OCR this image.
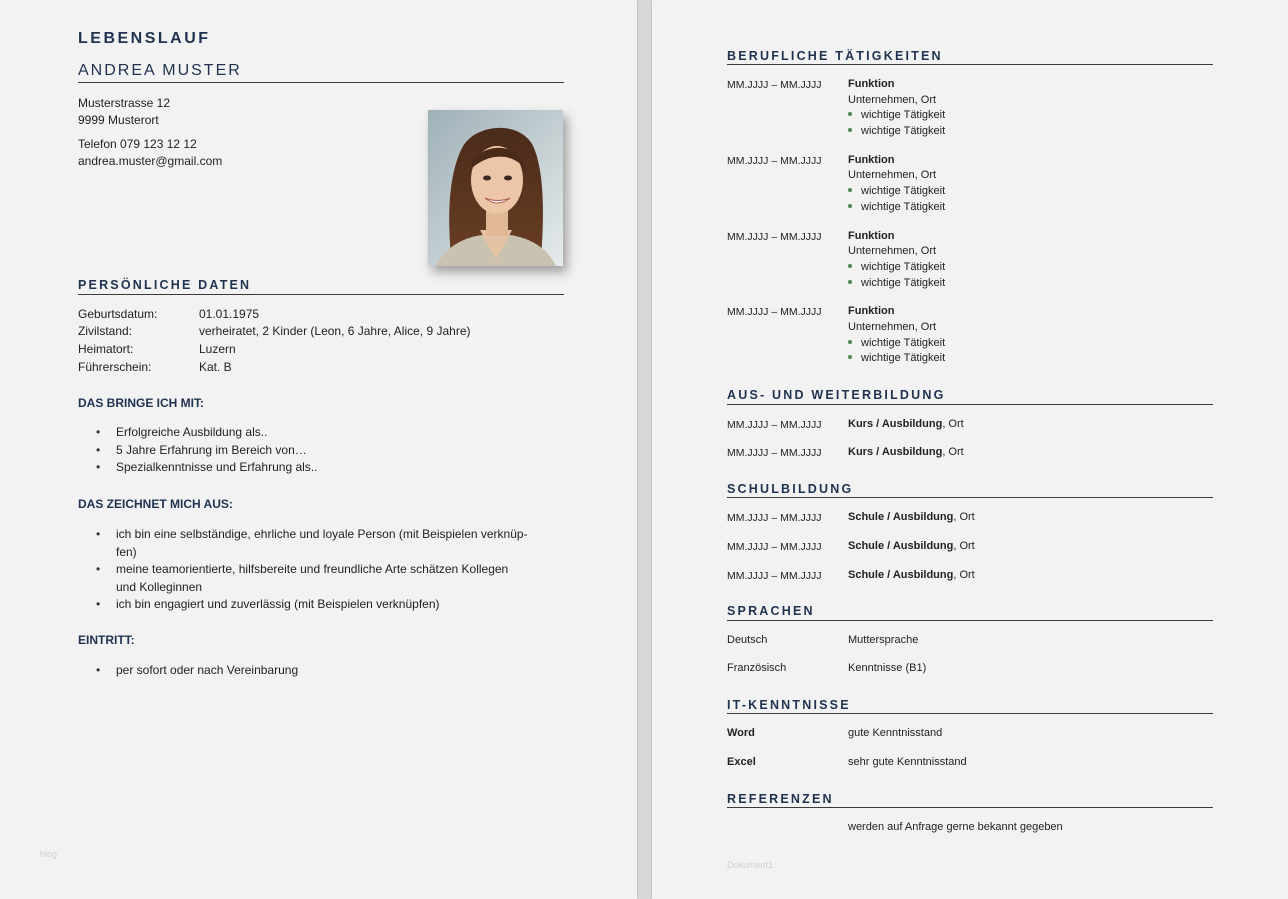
LEBENSLAUF
ANDREA MUSTER
Musterstrasse 12
9999 Musterort
Telefon 079 123 12 12
andrea.muster@gmail.com
PERSÖNLICHE DATEN
Geburtsdatum:	01.01.1975
Zivilstand:	verheiratet, 2 Kinder (Leon, 6 Jahre, Alice, 9 Jahre)
Heimatort:	Luzern
Führerschein:	Kat. B
DAS BRINGE ICH MIT:
• Erfolgreiche Ausbildung als..
• 5 Jahre Erfahrung im Bereich von…
• Spezialkenntnisse und Erfahrung als..
DAS ZEICHNET MICH AUS:
• ich bin eine selbständige, ehrliche und loyale Person (mit Beispielen verknüp-
fen)
• meine teamorientierte, hilfsbereite und freundliche Arte schätzen Kollegen
und Kolleginnen
• ich bin engagiert und zuverlässig (mit Beispielen verknüpfen)
EINTRITT:
• per sofort oder nach Vereinbarung
blog
BERUFLICHE TÄTIGKEITEN
MM.JJJJ – MM.JJJJ Funktion
Unternehmen, Ort
wichtige Tätigkeit
wichtige Tätigkeit
MM.JJJJ – MM.JJJJ Funktion
Unternehmen, Ort
wichtige Tätigkeit
wichtige Tätigkeit
MM.JJJJ – MM.JJJJ Funktion
Unternehmen, Ort
wichtige Tätigkeit
wichtige Tätigkeit
MM.JJJJ – MM.JJJJ Funktion
Unternehmen, Ort
wichtige Tätigkeit
wichtige Tätigkeit
AUS- UND WEITERBILDUNG
MM.JJJJ – MM.JJJJ Kurs / Ausbildung, Ort
MM.JJJJ – MM.JJJJ Kurs / Ausbildung, Ort
SCHULBILDUNG
MM.JJJJ – MM.JJJJ Schule / Ausbildung, Ort
MM.JJJJ – MM.JJJJ Schule / Ausbildung, Ort
MM.JJJJ – MM.JJJJ Schule / Ausbildung, Ort
SPRACHEN
Deutsch	Muttersprache
Französisch	Kenntnisse (B1)
IT-KENNTNISSE
Word	gute Kenntnisstand
Excel	sehr gute Kenntnisstand
REFERENZEN
werden auf Anfrage gerne bekannt gegeben
Dokument1
